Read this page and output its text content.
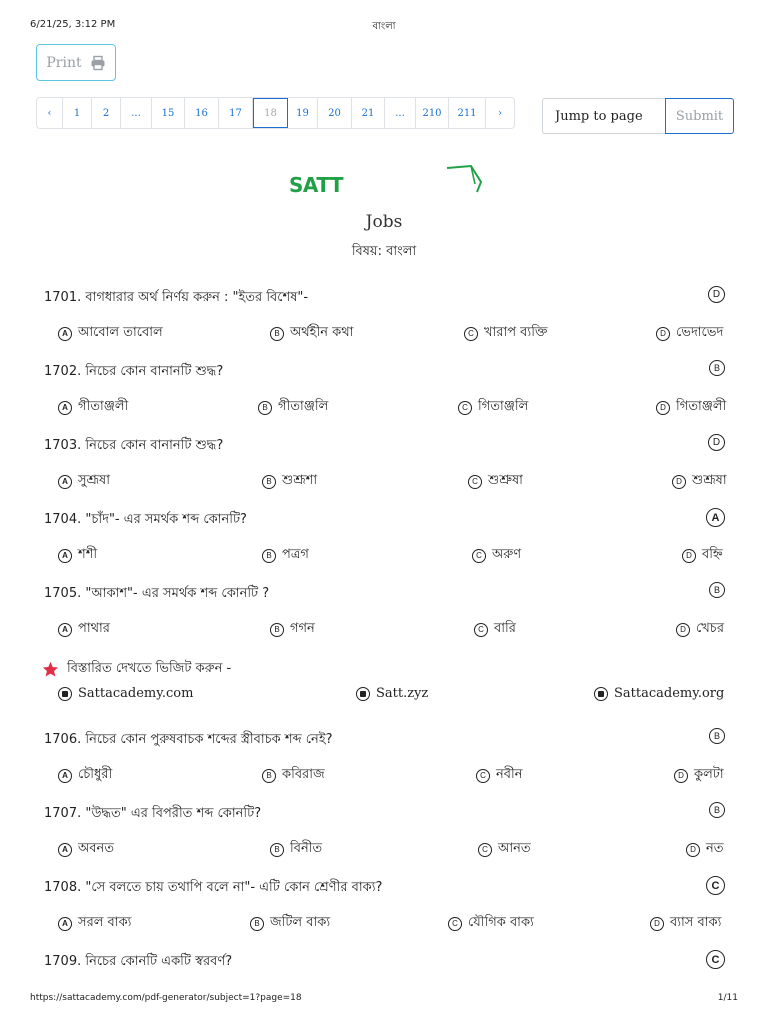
6/21/25, 3:12 PM	বাংলা
Print
‹	1	2	...	15	16	17	18	19	20	21	...	210	211	›
Jump to page	Submit
SATT
Jobs
বিষয়: বাংলা
1701. বাগধারার অর্থ নির্ণয় করুন : "ইতর বিশেষ"-	D
A আবোল তাবোল	B অর্থহীন কথা	C খারাপ ব্যক্তি	D ভেদাভেদ
1702. নিচের কোন বানানটি শুদ্ধ?	B
A গীতাঞ্জলী	B গীতাঞ্জলি	C গিতাঞ্জলি	D গিতাঞ্জলী
1703. নিচের কোন বানানটি শুদ্ধ?	D
A সুশ্রূষা	B শুশ্রূশা	C শুশ্রুষা	D শুশ্রূষা
1704. "চাঁদ"- এর সমর্থক শব্দ কোনটি?	A
A শশী	B পত্রগ	C অরুণ	D বহ্নি
1705. "আকাশ"- এর সমর্থক শব্দ কোনটি ?	B
A পাথার	B গগন	C বারি	D খেচর
বিস্তারিত দেখতে ভিজিট করুন -
Sattacademy.com	Satt.zyz	Sattacademy.org
1706. নিচের কোন পুরুষবাচক শব্দের স্ত্রীবাচক শব্দ নেই?	B
A চৌধুরী	B কবিরাজ	C নবীন	D কুলটা
1707. "উদ্ধত" এর বিপরীত শব্দ কোনটি?	B
A অবনত	B বিনীত	C আনত	D নত
1708. "সে বলতে চায় তথাপি বলে না"- এটি কোন শ্রেণীর বাক্য?	C
A সরল বাক্য	B জটিল বাক্য	C যৌগিক বাক্য	D ব্যাস বাক্য
1709. নিচের কোনটি একটি স্বরবর্ণ?	C
https://sattacademy.com/pdf-generator/subject=1?page=18	1/11
